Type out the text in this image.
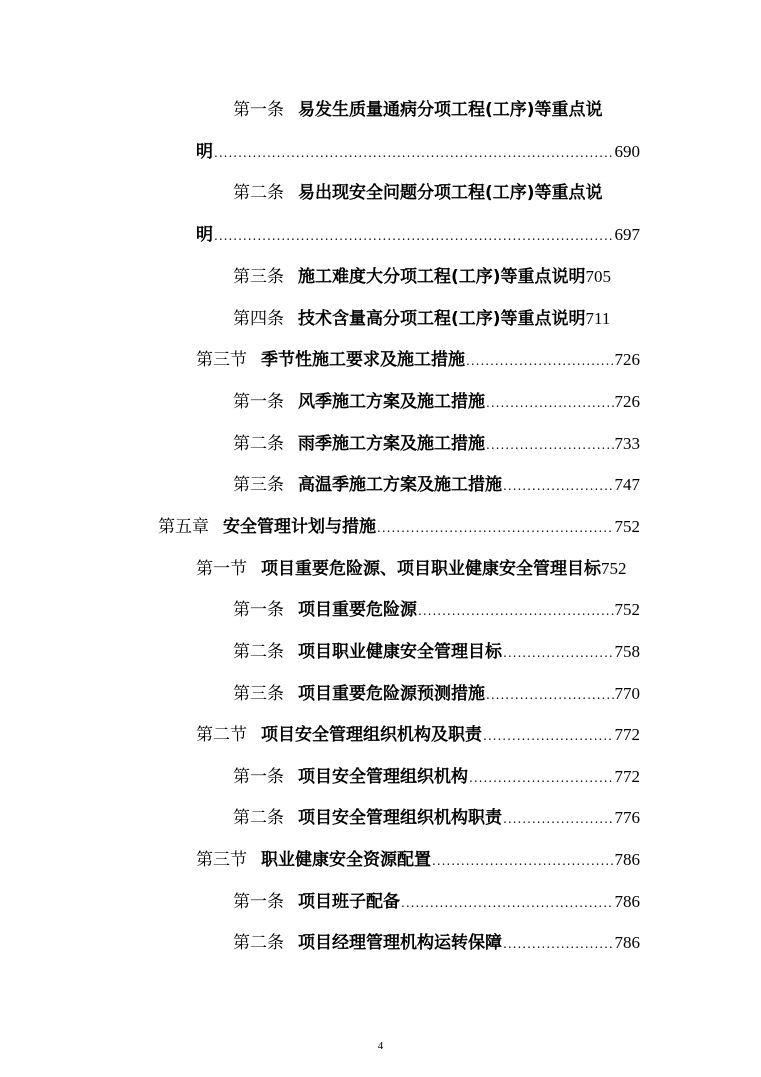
第一条 易发生质量通病分项工程(工序)等重点说
明 .....	690
第二条 易出现安全问题分项工程(工序)等重点说
明 .....	697
第三条 施工难度大分项工程(工序)等重点说明 705
第四条 技术含量高分项工程(工序)等重点说明 711
第三节 季节性施工要求及施工措施 .....	726
第一条 风季施工方案及施工措施 .....	726
第二条 雨季施工方案及施工措施 .....	733
第三条 高温季施工方案及施工措施 .....	747
第五章 安全管理计划与措施 .....	752
第一节 项目重要危险源、项目职业健康安全管理目标 752
第一条 项目重要危险源 .....	752
第二条 项目职业健康安全管理目标 .....	758
第三条 项目重要危险源预测措施 .....	770
第二节 项目安全管理组织机构及职责 .....	772
第一条 项目安全管理组织机构 .....	772
第二条 项目安全管理组织机构职责 .....	776
第三节 职业健康安全资源配置 .....	786
第一条 项目班子配备 .....	786
第二条 项目经理管理机构运转保障 .....	786
4
